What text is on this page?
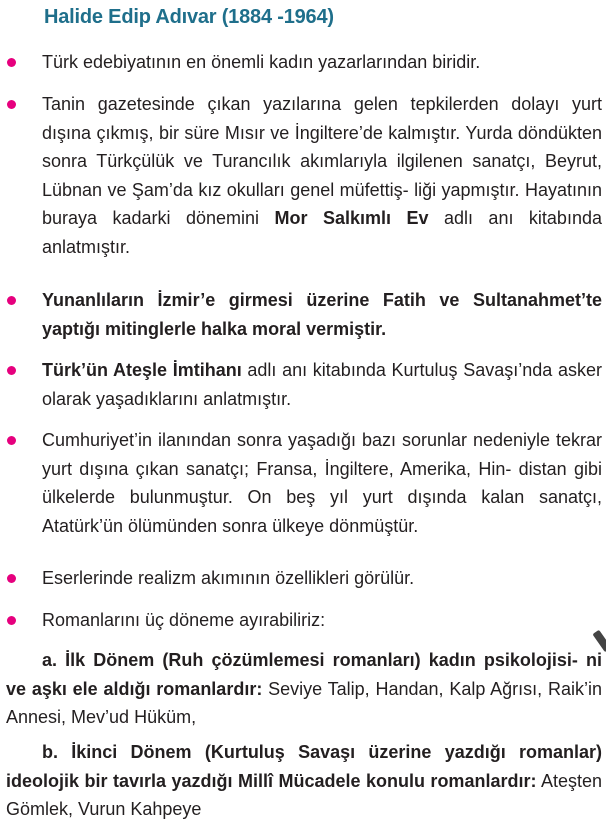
Halide Edip Adıvar (1884 -1964)
Türk edebiyatının en önemli kadın yazarlarından biridir.
Tanin gazetesinde çıkan yazılarına gelen tepkilerden dolayı yurt dışına çıkmış, bir süre Mısır ve İngiltere’de kalmıştır. Yurda döndükten sonra Türkçülük ve Turancılık akımlarıyla ilgilenen sanatçı, Beyrut, Lübnan ve Şam’da kız okulları genel müfettiş- liği yapmıştır. Hayatının buraya kadarki dönemini Mor Salkımlı Ev adlı anı kitabında anlatmıştır.
Yunanlıların İzmir’e girmesi üzerine Fatih ve Sultanahmet’te yaptığı mitinglerle halka moral vermiştir.
Türk’ün Ateşle İmtihanı adlı anı kitabında Kurtuluş Savaşı’nda asker olarak yaşadıklarını anlatmıştır.
Cumhuriyet’in ilanından sonra yaşadığı bazı sorunlar nedeniyle tekrar yurt dışına çıkan sanatçı; Fransa, İngiltere, Amerika, Hin- distan gibi ülkelerde bulunmuştur. On beş yıl yurt dışında kalan sanatçı, Atatürk’ün ölümünden sonra ülkeye dönmüştür.
Eserlerinde realizm akımının özellikleri görülür.
Romanlarını üç döneme ayırabiliriz:
a. İlk Dönem (Ruh çözümlemesi romanları) kadın psikolojisi- ni ve aşkı ele aldığı romanlardır: Seviye Talip, Handan, Kalp Ağrısı, Raik’in Annesi, Mev’ud Hüküm,
b. İkinci Dönem (Kurtuluş Savaşı üzerine yazdığı romanlar) ideolojik bir tavırla yazdığı Millî Mücadele konulu romanlardır: Ateşten Gömlek, Vurun Kahpeye
